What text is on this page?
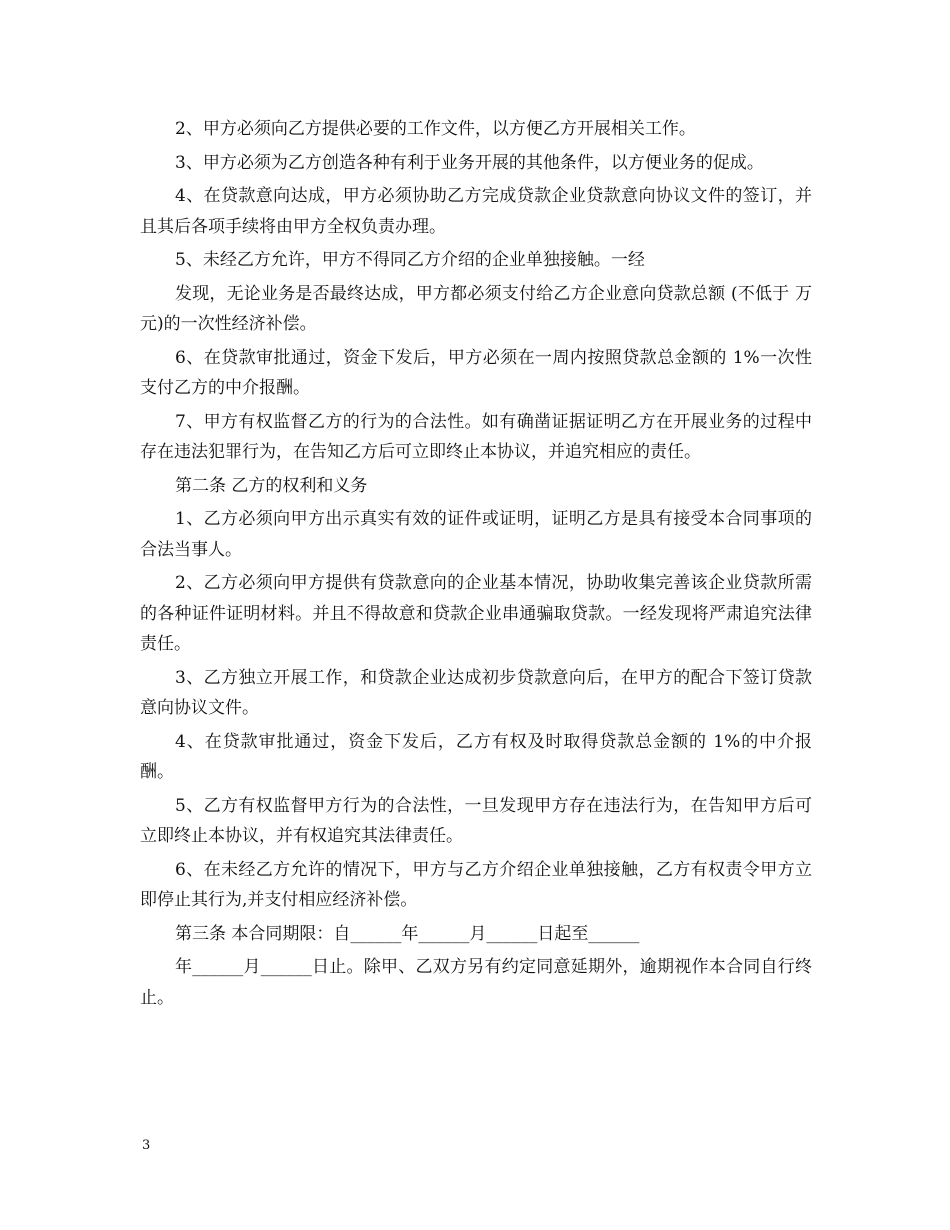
2、甲方必须向乙方提供必要的工作文件，以方便乙方开展相关工作。

3、甲方必须为乙方创造各种有利于业务开展的其他条件，以方便业务的促成。

4、在贷款意向达成，甲方必须协助乙方完成贷款企业贷款意向协议文件的签订，并且其后各项手续将由甲方全权负责办理。

5、未经乙方允许，甲方不得同乙方介绍的企业单独接触。一经

发现，无论业务是否最终达成，甲方都必须支付给乙方企业意向贷款总额 (不低于 万元)的一次性经济补偿。

6、在贷款审批通过，资金下发后，甲方必须在一周内按照贷款总金额的 1%一次性支付乙方的中介报酬。

7、甲方有权监督乙方的行为的合法性。如有确凿证据证明乙方在开展业务的过程中存在违法犯罪行为，在告知乙方后可立即终止本协议，并追究相应的责任。

第二条 乙方的权利和义务

1、乙方必须向甲方出示真实有效的证件或证明，证明乙方是具有接受本合同事项的合法当事人。

2、乙方必须向甲方提供有贷款意向的企业基本情况，协助收集完善该企业贷款所需的各种证件证明材料。并且不得故意和贷款企业串通骗取贷款。一经发现将严肃追究法律责任。

3、乙方独立开展工作，和贷款企业达成初步贷款意向后，在甲方的配合下签订贷款意向协议文件。

4、在贷款审批通过，资金下发后，乙方有权及时取得贷款总金额的 1%的中介报酬。

5、乙方有权监督甲方行为的合法性，一旦发现甲方存在违法行为，在告知甲方后可立即终止本协议，并有权追究其法律责任。

6、在未经乙方允许的情况下，甲方与乙方介绍企业单独接触，乙方有权责令甲方立即停止其行为,并支付相应经济补偿。

第三条 本合同期限：自______年______月______日起至______

年______月______日止。除甲、乙双方另有约定同意延期外，逾期视作本合同自行终止。

3
